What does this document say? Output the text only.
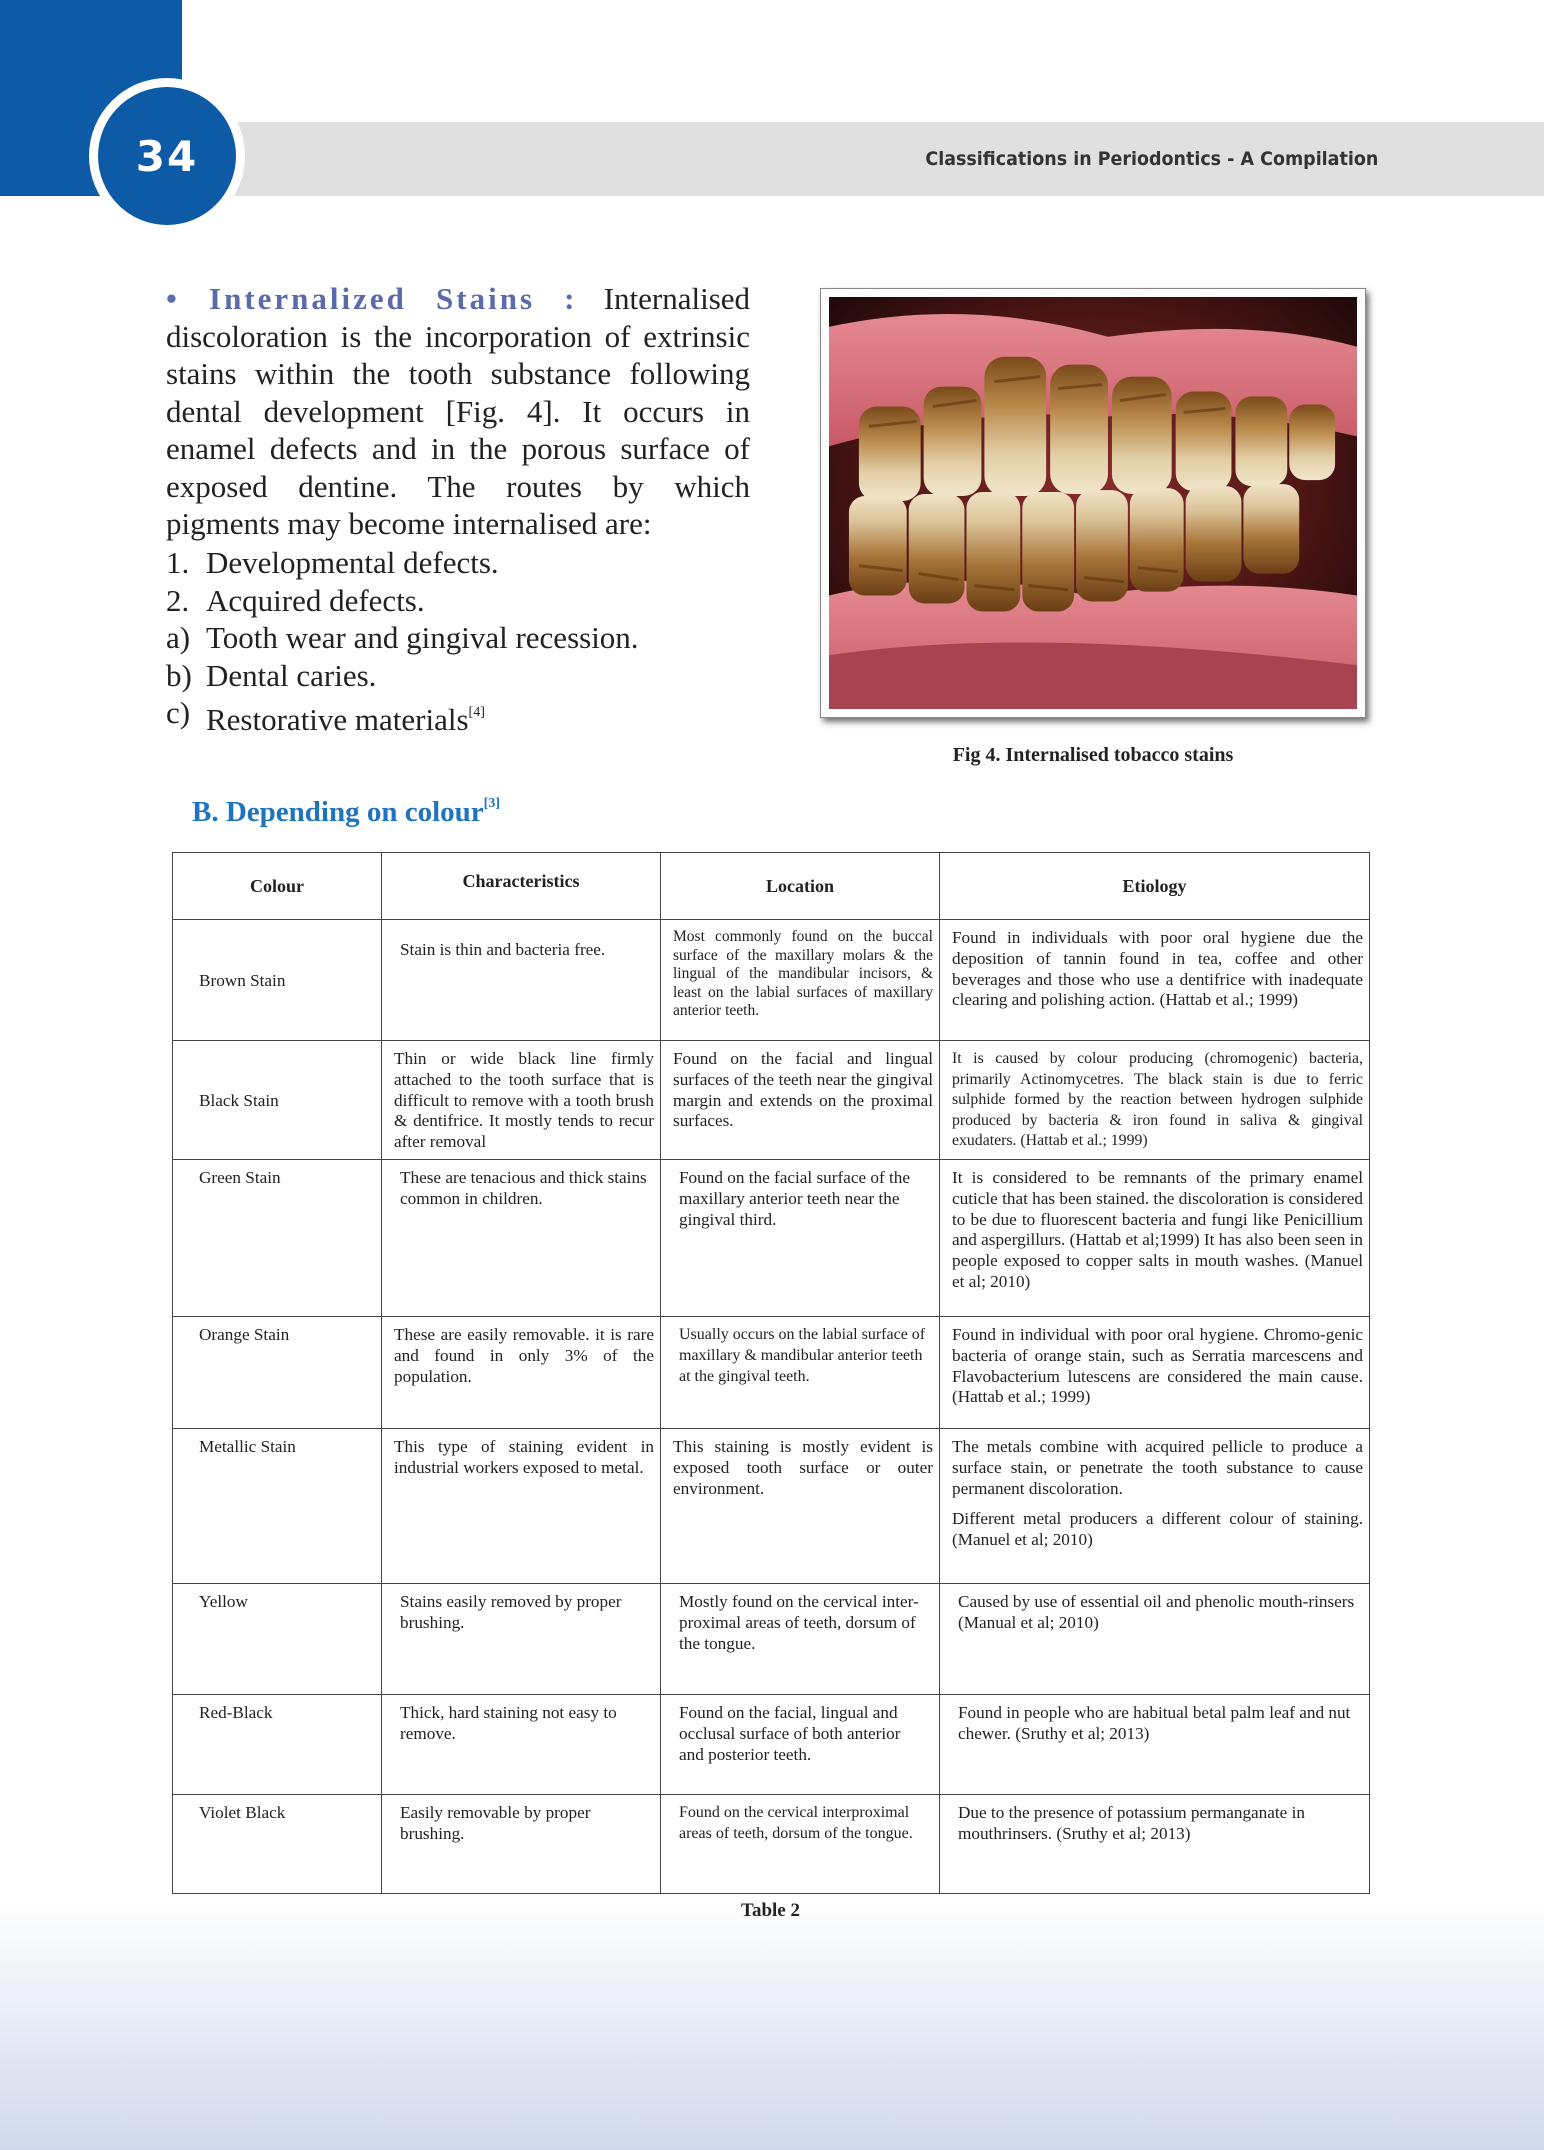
34	Classifications in Periodontics - A Compilation

• Internalized Stains : Internalised discoloration is the incorporation of extrinsic stains within the tooth substance following dental development [Fig. 4]. It occurs in enamel defects and in the porous surface of exposed dentine. The routes by which pigments may become internalised are:

1. Developmental defects.
2. Acquired defects.
a) Tooth wear and gingival recession.
b) Dental caries.
c) Restorative materials[4]
Fig 4. Internalised tobacco stains
B. Depending on colour[3]
Colour	Characteristics	Location	Etiology
Brown Stain	Stain is thin and bacteria free.	Most commonly found on the buccal surface of the maxillary molars & the lingual of the mandibular incisors, & least on the labial surfaces of maxillary anterior teeth.	Found in individuals with poor oral hygiene due the deposition of tannin found in tea, coffee and other beverages and those who use a dentifrice with inadequate clearing and polishing action. (Hattab et al.; 1999)
Black Stain	Thin or wide black line firmly attached to the tooth surface that is difficult to remove with a tooth brush & dentifrice. It mostly tends to recur after removal	Found on the facial and lingual surfaces of the teeth near the gingival margin and extends on the proximal surfaces.	It is caused by colour producing (chromogenic) bacteria, primarily Actinomycetres. The black stain is due to ferric sulphide formed by the reaction between hydrogen sulphide produced by bacteria & iron found in saliva & gingival exudaters. (Hattab et al.; 1999)
Green Stain	These are tenacious and thick stains common in children.	Found on the facial surface of the maxillary anterior teeth near the gingival third.	It is considered to be remnants of the primary enamel cuticle that has been stained. the discoloration is considered to be due to fluorescent bacteria and fungi like Penicillium and aspergillurs. (Hattab et al;1999) It has also been seen in people exposed to copper salts in mouth washes. (Manuel et al; 2010)
Orange Stain	These are easily removable. it is rare and found in only 3% of the population.	Usually occurs on the labial surface of maxillary & mandibular anterior teeth at the gingival teeth.	Found in individual with poor oral hygiene. Chromo-genic bacteria of orange stain, such as Serratia marcescens and Flavobacterium lutescens are considered the main cause. (Hattab et al.; 1999)
Metallic Stain	This type of staining evident in industrial workers exposed to metal.	This staining is mostly evident is exposed tooth surface or outer environment.	The metals combine with acquired pellicle to produce a surface stain, or penetrate the tooth substance to cause permanent discoloration.
Different metal producers a different colour of staining. (Manuel et al; 2010)

Yellow	Stains easily removed by proper brushing.	Mostly found on the cervical inter-proximal areas of teeth, dorsum of the tongue.	Caused by use of essential oil and phenolic mouth-rinsers (Manual et al; 2010)
Red-Black	Thick, hard staining not easy to remove.	Found on the facial, lingual and occlusal surface of both anterior and posterior teeth.	Found in people who are habitual betal palm leaf and nut chewer. (Sruthy et al; 2013)
Violet Black	Easily removable by proper brushing.	Found on the cervical interproximal areas of teeth, dorsum of the tongue.	Due to the presence of potassium permanganate in mouthrinsers. (Sruthy et al; 2013)
Table 2
